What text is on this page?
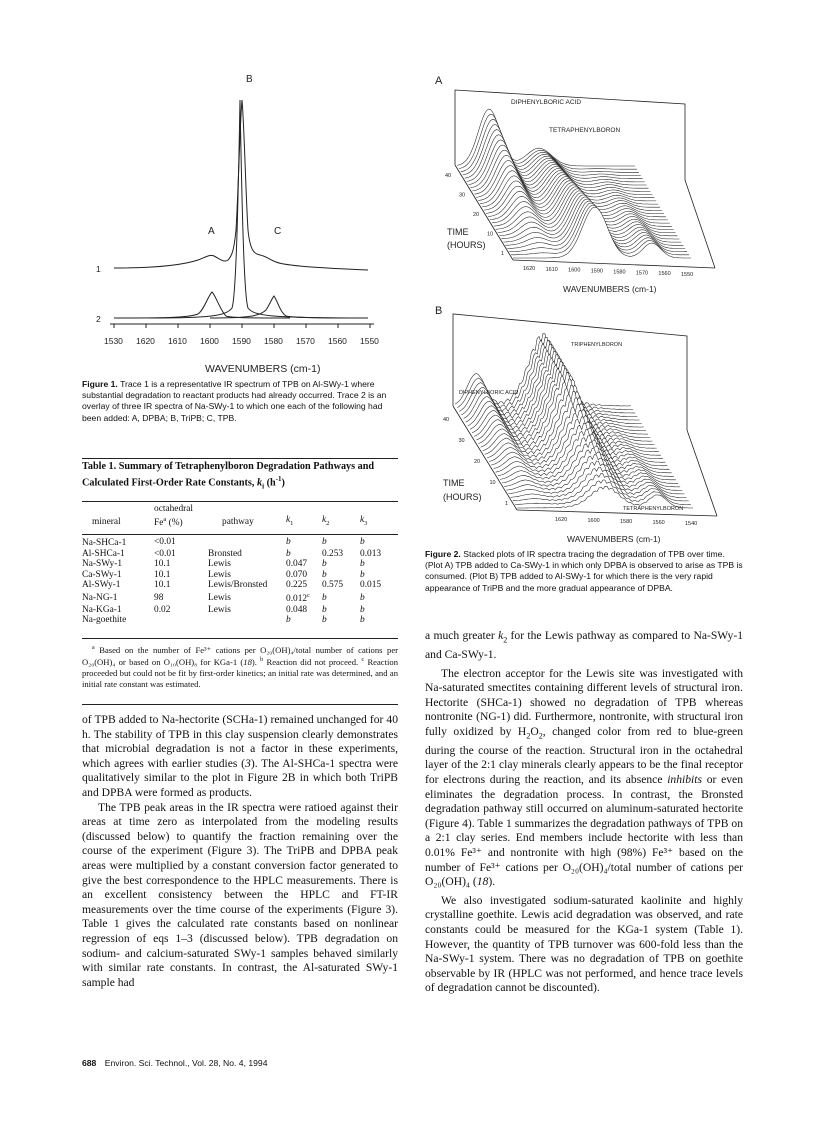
B
A	C
1
2
1530 1620 1610 1600 1590 1580 1570 1560 1550
WAVENUMBERS (cm-1)
Figure 1. Trace 1 is a representative IR spectrum of TPB on Al-SWy-1 where substantial degradation to reactant products had already occurred. Trace 2 is an overlay of three IR spectra of Na-SWy-1 to which one each of the following had been added: A, DPBA; B, TriPB; C, TPB.
Table 1. Summary of Tetraphenylboron Degradation Pathways and Calculated First-Order Rate Constants, $k_i$ $(h^{-1})$
	octahedral				
mineral	Fe$^a$ (%)	pathway	$k_1$	$k_2$	$k_3$

Na-SHCa-1	<0.01		b	b	b
Al-SHCa-1	<0.01	Bronsted	b	0.253	0.013
Na-SWy-1	10.1	Lewis	0.047	b	b
Ca-SWy-1	10.1	Lewis	0.070	b	b
Al-SWy-1	10.1	Lewis/Bronsted	0.225	0.575	0.015
Na-NG-1	98	Lewis	0.012$^c$	b	b
Na-KGa-1	0.02	Lewis	0.048	b	b
Na-goethite			b	b	b
$^a$ Based on the number of Fe³⁺ cations per O₂₀(OH)₄/total number of cations per O₂₀(OH)₄ or based on O₁₀(OH)₈ for KGa-1 (18). $^b$ Reaction did not proceed. $^c$ Reaction proceeded but could not be fit by first-order kinetics; an initial rate was determined, and an initial rate constant was estimated.

of TPB added to Na-hectorite (SCHa-1) remained unchanged for 40 h. The stability of TPB in this clay suspension clearly demonstrates that microbial degradation is not a factor in these experiments, which agrees with earlier studies (3). The Al-SHCa-1 spectra were qualitatively similar to the plot in Figure 2B in which both TriPB and DPBA were formed as products.

The TPB peak areas in the IR spectra were ratioed against their areas at time zero as interpolated from the modeling results (discussed below) to quantify the fraction remaining over the course of the experiment (Figure 3). The TriPB and DPBA peak areas were multiplied by a constant conversion factor generated to give the best correspondence to the HPLC measurements. There is an excellent consistency between the HPLC and FT-IR measurements over the time course of the experiments (Figure 3). Table 1 gives the calculated rate constants based on nonlinear regression of eqs 1–3 (discussed below). TPB degradation on sodium- and calcium-saturated SWy-1 samples behaved similarly with similar rate constants. In contrast, the Al-saturated SWy-1 sample had

A
DIPHENYLBORIC ACID
TETRAPHENYLBORON
40
30
20
10
1
TIME
(HOURS)
1620 1610 1600 1590 1580 1570 1560 1550
WAVENUMBERS (cm-1)
B
TRIPHENYLBORON
DIPHENYLBORIC ACID
TETRAPHENYLBORON
40
30
20
10
1
TIME
(HOURS)
1620	1600	1580	1560	1540
WAVENUMBERS (cm-1)
Figure 2. Stacked plots of IR spectra tracing the degradation of TPB over time. (Plot A) TPB added to Ca-SWy-1 in which only DPBA is observed to arise as TPB is consumed. (Plot B) TPB added to Al-SWy-1 for which there is the very rapid appearance of TriPB and the more gradual appearance of DPBA.

a much greater $k_2$ for the Lewis pathway as compared to Na-SWy-1 and Ca-SWy-1.

The electron acceptor for the Lewis site was investigated with Na-saturated smectites containing different levels of structural iron. Hectorite (SHCa-1) showed no degradation of TPB whereas nontronite (NG-1) did. Furthermore, nontronite, with structural iron fully oxidized by $H_2O_2$, changed color from red to blue-green during the course of the reaction. Structural iron in the octahedral layer of the 2:1 clay minerals clearly appears to be the final receptor for electrons during the reaction, and its absence inhibits or even eliminates the degradation process. In contrast, the Bronsted degradation pathway still occurred on aluminum-saturated hectorite (Figure 4). Table 1 summarizes the degradation pathways of TPB on a 2:1 clay series. End members include hectorite with less than 0.01% Fe³⁺ and nontronite with high (98%) Fe³⁺ based on the number of Fe³⁺ cations per O₂₀(OH)₄/total number of cations per O₂₀(OH)₄ (18).

We also investigated sodium-saturated kaolinite and highly crystalline goethite. Lewis acid degradation was observed, and rate constants could be measured for the KGa-1 system (Table 1). However, the quantity of TPB turnover was 600-fold less than the Na-SWy-1 system. There was no degradation of TPB on goethite observable by IR (HPLC was not performed, and hence trace levels of degradation cannot be discounted).

688 Environ. Sci. Technol., Vol. 28, No. 4, 1994
